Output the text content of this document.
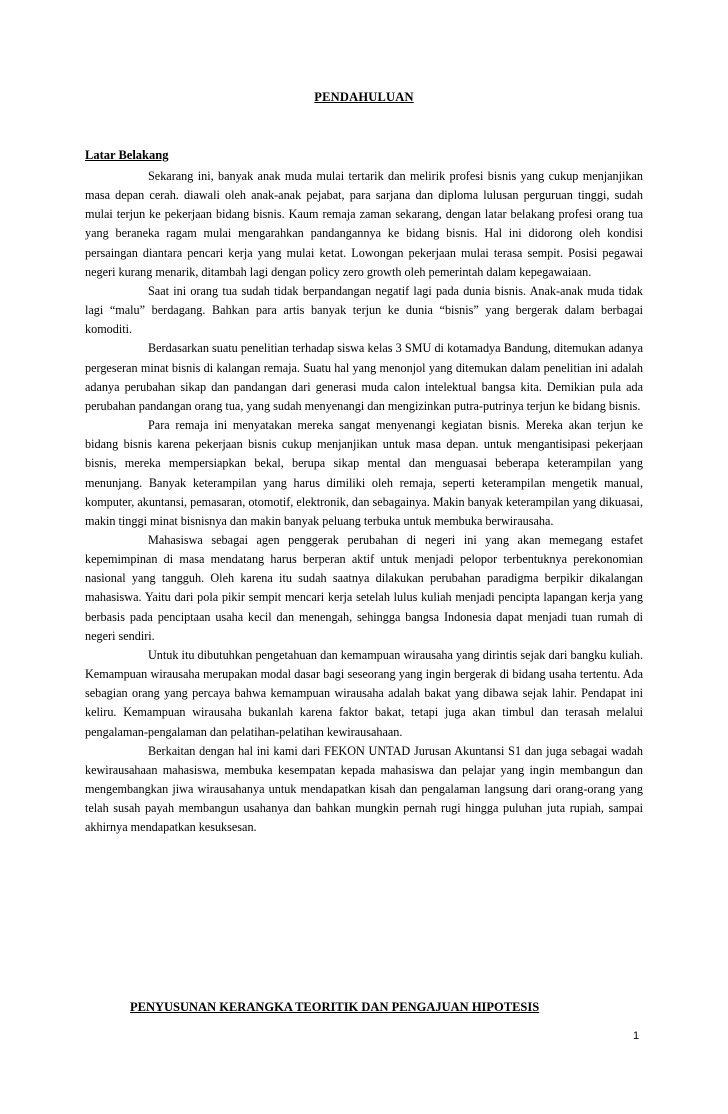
PENDAHULUAN
Latar Belakang

Sekarang ini, banyak anak muda mulai tertarik dan melirik profesi bisnis yang cukup menjanjikan masa depan cerah. diawali oleh anak-anak pejabat, para sarjana dan diploma lulusan perguruan tinggi, sudah mulai terjun ke pekerjaan bidang bisnis. Kaum remaja zaman sekarang, dengan latar belakang profesi orang tua yang beraneka ragam mulai mengarahkan pandangannya ke bidang bisnis. Hal ini didorong oleh kondisi persaingan diantara pencari kerja yang mulai ketat. Lowongan pekerjaan mulai terasa sempit. Posisi pegawai negeri kurang menarik, ditambah lagi dengan policy zero growth oleh pemerintah dalam kepegawaiaan.

Saat ini orang tua sudah tidak berpandangan negatif lagi pada dunia bisnis. Anak-anak muda tidak lagi “malu” berdagang. Bahkan para artis banyak terjun ke dunia “bisnis” yang bergerak dalam berbagai komoditi.

Berdasarkan suatu penelitian terhadap siswa kelas 3 SMU di kotamadya Bandung, ditemukan adanya pergeseran minat bisnis di kalangan remaja. Suatu hal yang menonjol yang ditemukan dalam penelitian ini adalah adanya perubahan sikap dan pandangan dari generasi muda calon intelektual bangsa kita. Demikian pula ada perubahan pandangan orang tua, yang sudah menyenangi dan mengizinkan putra-putrinya terjun ke bidang bisnis.

Para remaja ini menyatakan mereka sangat menyenangi kegiatan bisnis. Mereka akan terjun ke bidang bisnis karena pekerjaan bisnis cukup menjanjikan untuk masa depan. untuk mengantisipasi pekerjaan bisnis, mereka mempersiapkan bekal, berupa sikap mental dan menguasai beberapa keterampilan yang menunjang. Banyak keterampilan yang harus dimiliki oleh remaja, seperti keterampilan mengetik manual, komputer, akuntansi, pemasaran, otomotif, elektronik, dan sebagainya. Makin banyak keterampilan yang dikuasai, makin tinggi minat bisnisnya dan makin banyak peluang terbuka untuk membuka berwirausaha.

Mahasiswa sebagai agen penggerak perubahan di negeri ini yang akan memegang estafet kepemimpinan di masa mendatang harus berperan aktif untuk menjadi pelopor terbentuknya perekonomian nasional yang tangguh. Oleh karena itu sudah saatnya dilakukan perubahan paradigma berpikir dikalangan mahasiswa. Yaitu dari pola pikir sempit mencari kerja setelah lulus kuliah menjadi pencipta lapangan kerja yang berbasis pada penciptaan usaha kecil dan menengah, sehingga bangsa Indonesia dapat menjadi tuan rumah di negeri sendiri.

Untuk itu dibutuhkan pengetahuan dan kemampuan wirausaha yang dirintis sejak dari bangku kuliah. Kemampuan wirausaha merupakan modal dasar bagi seseorang yang ingin bergerak di bidang usaha tertentu. Ada sebagian orang yang percaya bahwa kemampuan wirausaha adalah bakat yang dibawa sejak lahir. Pendapat ini keliru. Kemampuan wirausaha bukanlah karena faktor bakat, tetapi juga akan timbul dan terasah melalui pengalaman-pengalaman dan pelatihan-pelatihan kewirausahaan.

Berkaitan dengan hal ini kami dari FEKON UNTAD Jurusan Akuntansi S1 dan juga sebagai wadah kewirausahaan mahasiswa, membuka kesempatan kepada mahasiswa dan pelajar yang ingin membangun dan mengembangkan jiwa wirausahanya untuk mendapatkan kisah dan pengalaman langsung dari orang-orang yang telah susah payah membangun usahanya dan bahkan mungkin pernah rugi hingga puluhan juta rupiah, sampai akhirnya mendapatkan kesuksesan.

PENYUSUNAN KERANGKA TEORITIK DAN PENGAJUAN HIPOTESIS
1
